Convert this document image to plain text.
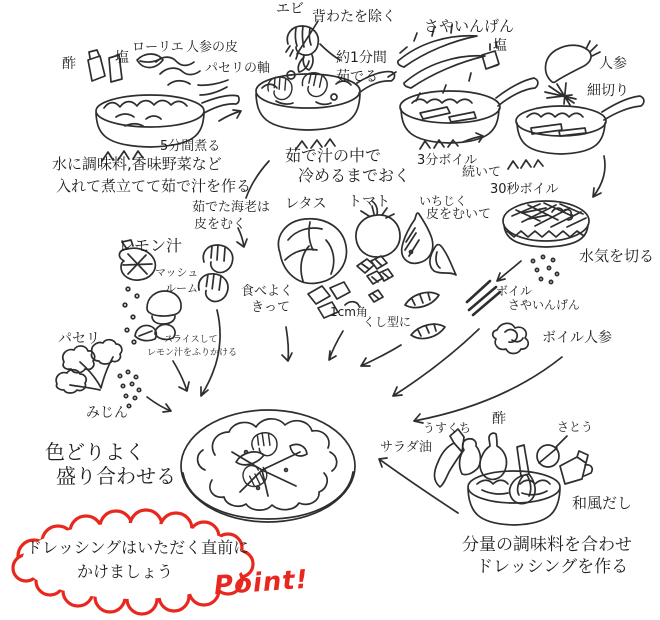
酢	塩
ローリエ 人参の皮
パセリの軸
5分間煮る
水に調味料,香味野菜など
入れて煮立てて茹で汁を作る
エビ 背わたを除く
約1分間
茹でる
茹で汁の中で
冷めるまでおく
さやいんげん
塩
3分ボイル
人参
細切り
続いて
30秒ボイル
水気を切る
ボイル
さやいんげん
ボイル人参
茹でた海老は
皮をむく
レモン汁
マッシュ
ルーム
スライスして
レモン汁をふりかける
レタス
食べよく
きって
トマト
1cm角
くし型に
いちじく
皮をむいて
パセリ
みじん
色どりよく
盛り合わせる
サラダ油
うすくち
酢	さとう
和風だし
分量の調味料を合わせ
ドレッシングを作る
ドレッシングはいただく直前に
かけましょう Point!
